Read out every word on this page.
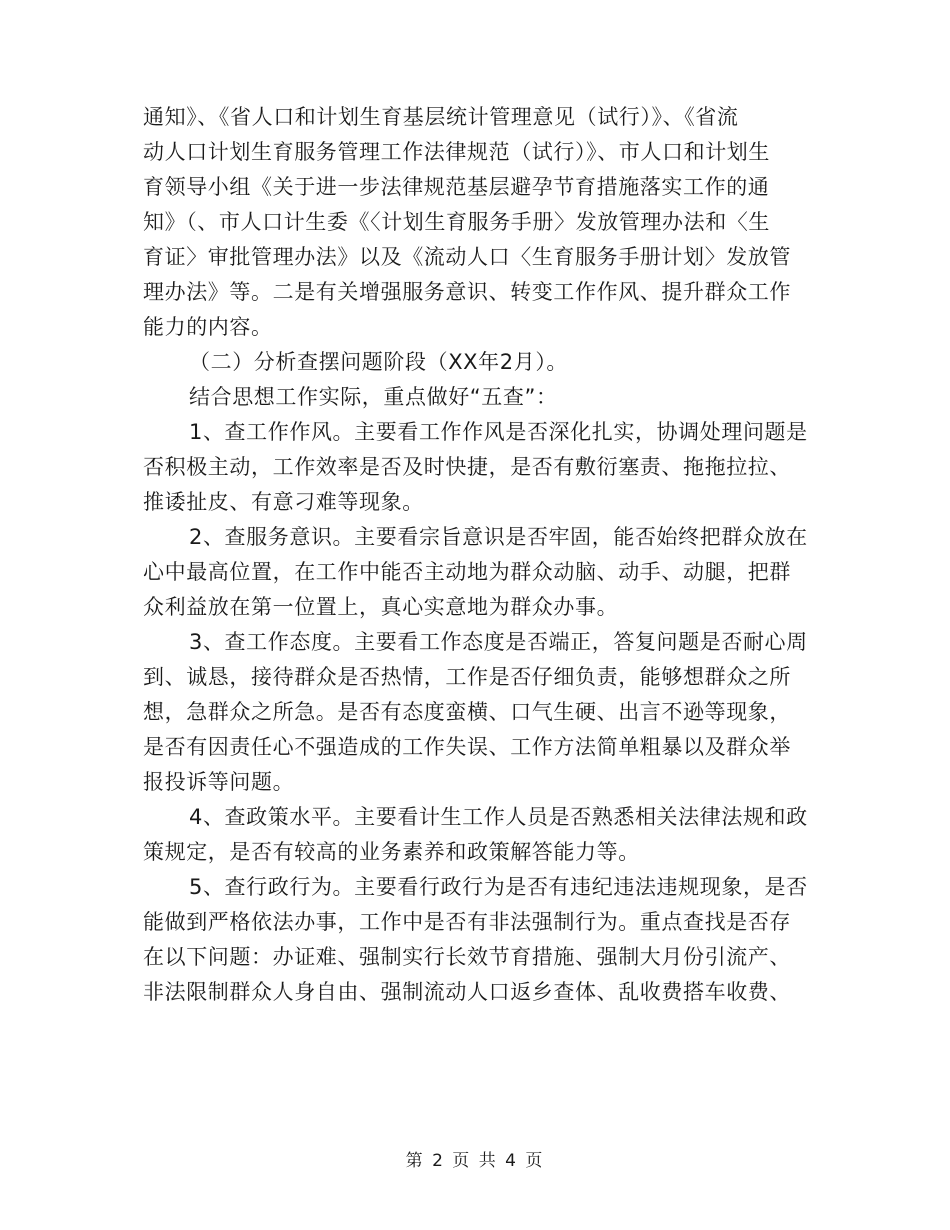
通知》、《省人口和计划生育基层统计管理意见（试行）》、《省流
动人口计划生育服务管理工作法律规范（试行）》、市人口和计划生
育领导小组《关于进一步法律规范基层避孕节育措施落实工作的通
知》（、市人口计生委《〈计划生育服务手册〉发放管理办法和〈生
育证〉审批管理办法》以及《流动人口〈生育服务手册计划〉发放管
理办法》等。二是有关增强服务意识、转变工作作风、提升群众工作
能力的内容。
（二）分析查摆问题阶段（XX年2月）。
结合思想工作实际，重点做好“五查”：
1、查工作作风。主要看工作作风是否深化扎实，协调处理问题是
否积极主动，工作效率是否及时快捷，是否有敷衍塞责、拖拖拉拉、
推诿扯皮、有意刁难等现象。
2、查服务意识。主要看宗旨意识是否牢固，能否始终把群众放在
心中最高位置，在工作中能否主动地为群众动脑、动手、动腿，把群
众利益放在第一位置上，真心实意地为群众办事。
3、查工作态度。主要看工作态度是否端正，答复问题是否耐心周
到、诚恳，接待群众是否热情，工作是否仔细负责，能够想群众之所
想，急群众之所急。是否有态度蛮横、口气生硬、出言不逊等现象，
是否有因责任心不强造成的工作失误、工作方法简单粗暴以及群众举
报投诉等问题。
4、查政策水平。主要看计生工作人员是否熟悉相关法律法规和政
策规定，是否有较高的业务素养和政策解答能力等。
5、查行政行为。主要看行政行为是否有违纪违法违规现象，是否
能做到严格依法办事，工作中是否有非法强制行为。重点查找是否存
在以下问题：办证难、强制实行长效节育措施、强制大月份引流产、
非法限制群众人身自由、强制流动人口返乡查体、乱收费搭车收费、
第 2 页 共 4 页
